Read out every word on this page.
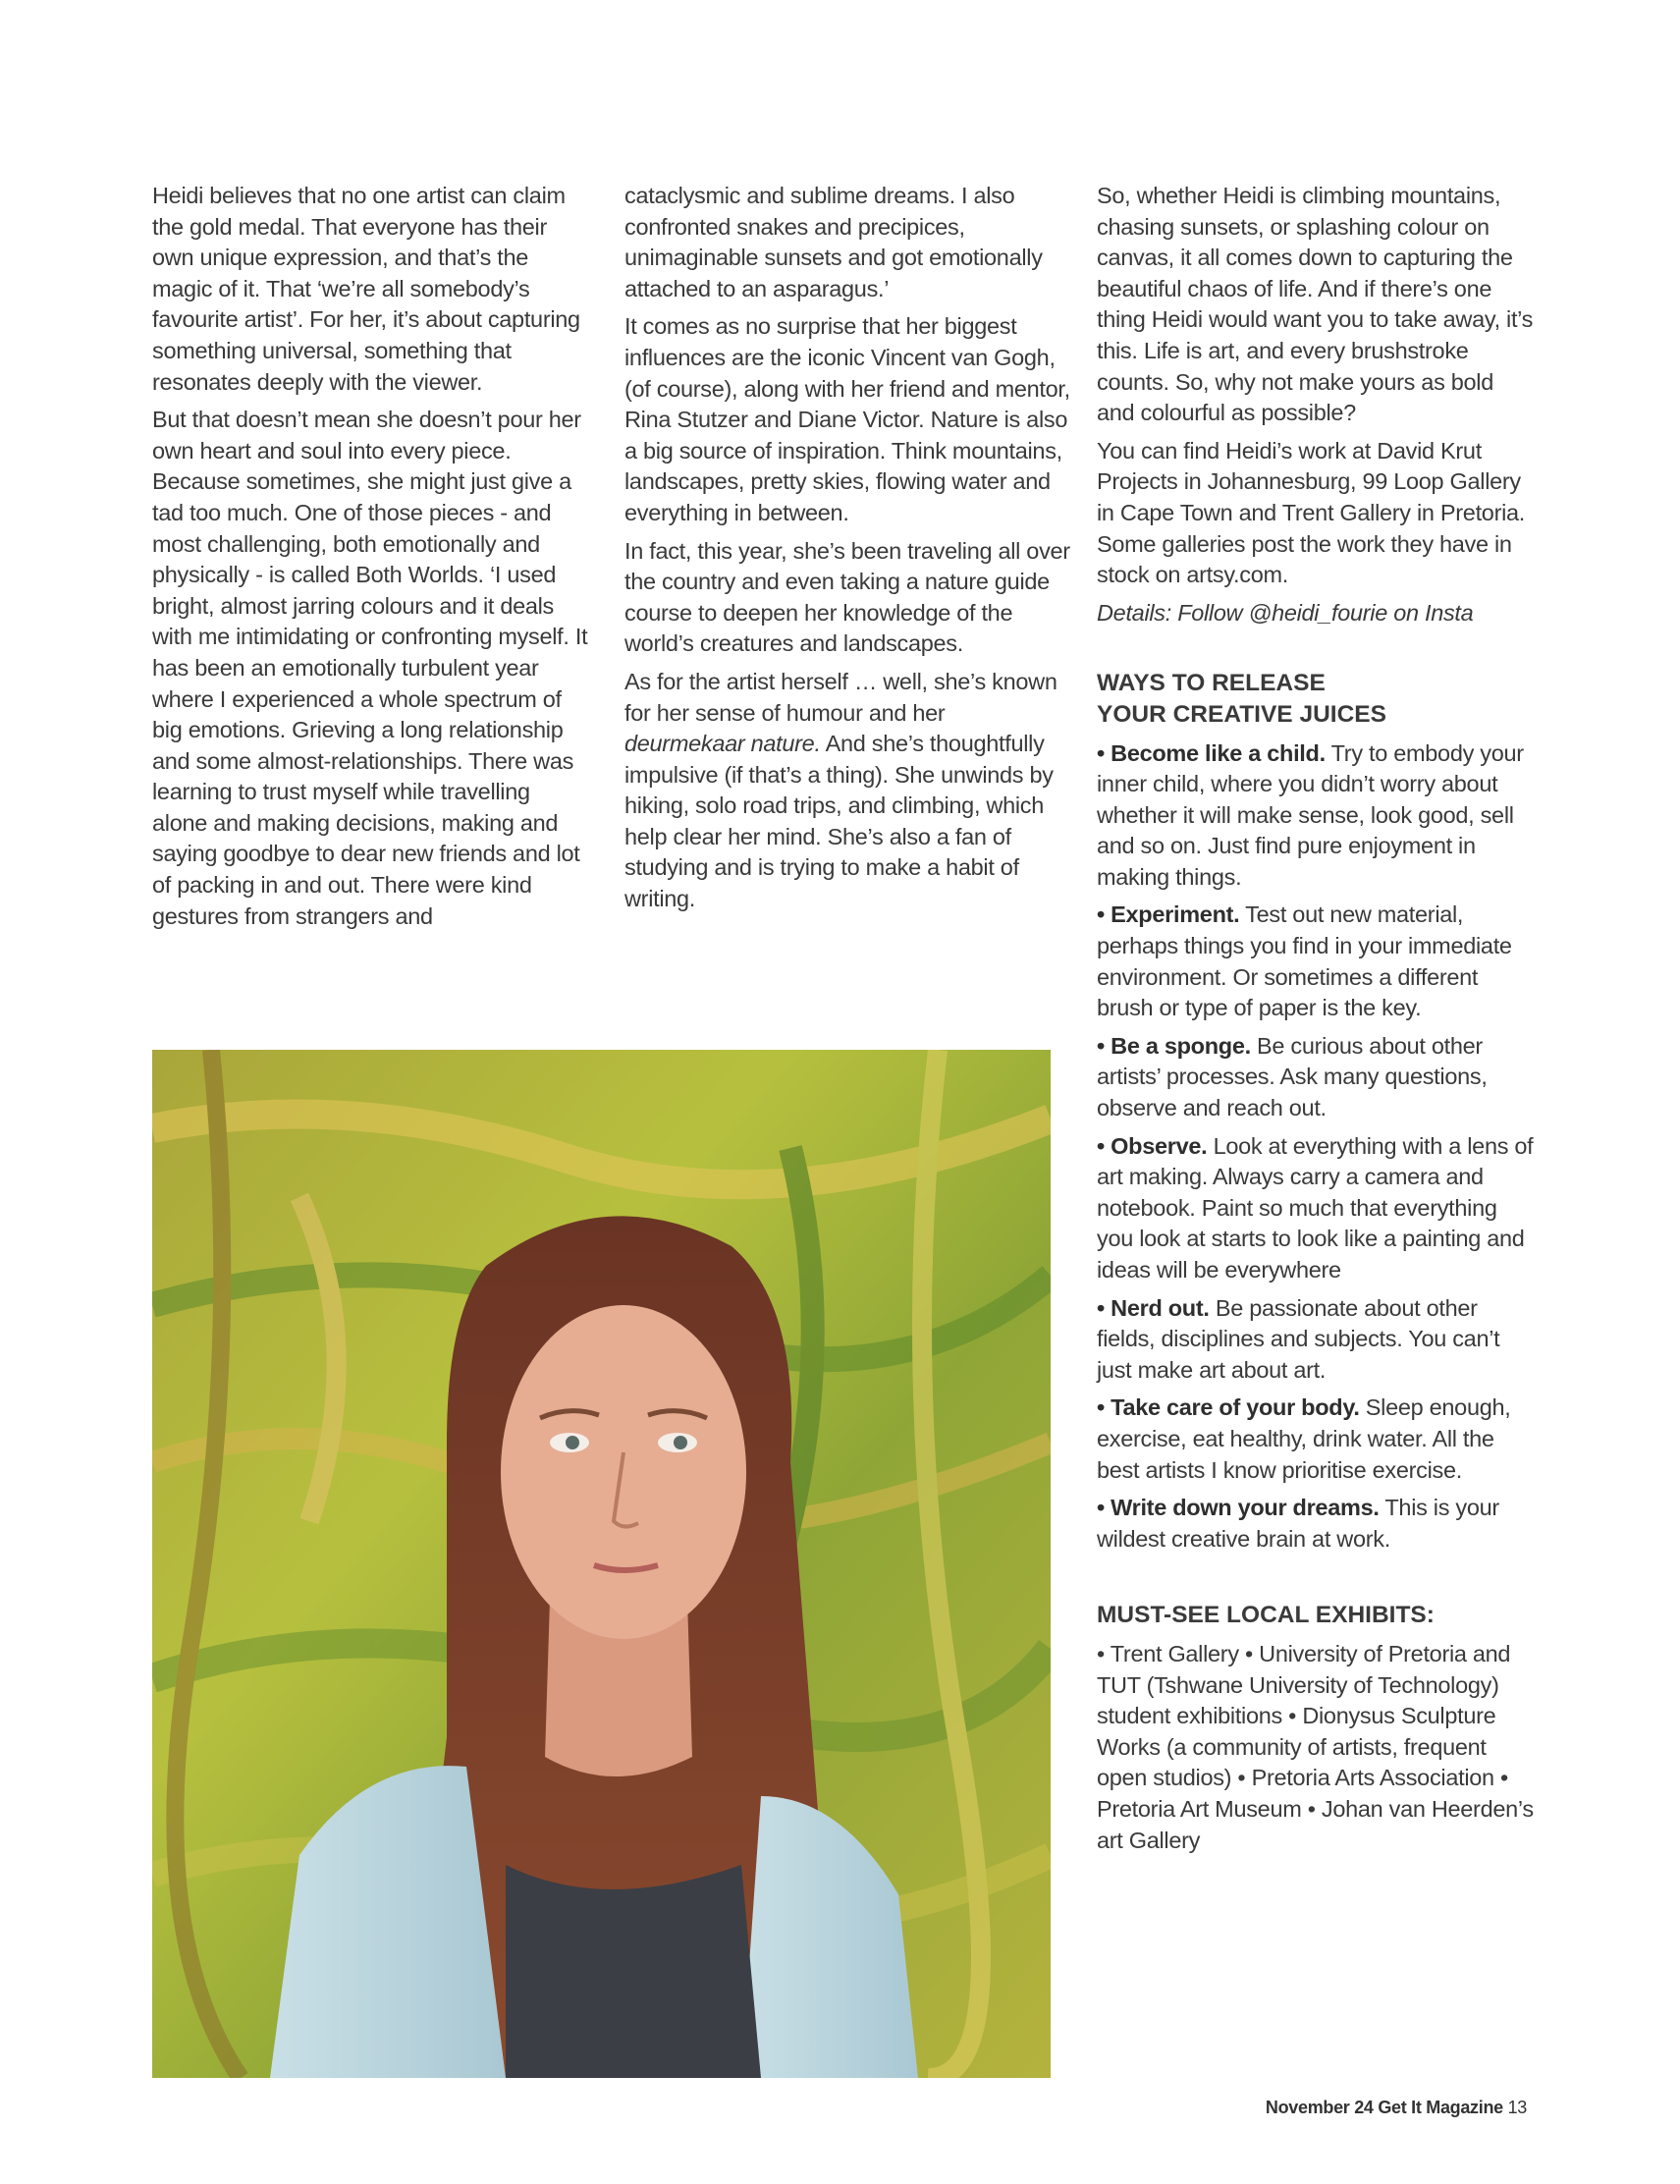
Heidi believes that no one artist can claim the gold medal. That everyone has their own unique expression, and that’s the magic of it. That ‘we’re all somebody’s favourite artist’. For her, it’s about capturing something universal, something that resonates deeply with the viewer.

But that doesn’t mean she doesn’t pour her own heart and soul into every piece. Because sometimes, she might just give a tad too much. One of those pieces - and most challenging, both emotionally and physically - is called Both Worlds. ‘I used bright, almost jarring colours and it deals with me intimidating or confronting myself. It has been an emotionally turbulent year where I experienced a whole spectrum of big emotions. Grieving a long relationship and some almost-relationships. There was learning to trust myself while travelling alone and making decisions, making and saying goodbye to dear new friends and lot of packing in and out. There were kind gestures from strangers and

cataclysmic and sublime dreams. I also confronted snakes and precipices, unimaginable sunsets and got emotionally attached to an asparagus.’

It comes as no surprise that her biggest influences are the iconic Vincent van Gogh, (of course), along with her friend and mentor, Rina Stutzer and Diane Victor. Nature is also a big source of inspiration. Think mountains, landscapes, pretty skies, flowing water and everything in between.

In fact, this year, she’s been traveling all over the country and even taking a nature guide course to deepen her knowledge of the world’s creatures and landscapes.

As for the artist herself … well, she’s known for her sense of humour and her deurmekaar nature. And she’s thoughtfully impulsive (if that’s a thing). She unwinds by hiking, solo road trips, and climbing, which help clear her mind. She’s also a fan of studying and is trying to make a habit of writing.

So, whether Heidi is climbing mountains, chasing sunsets, or splashing colour on canvas, it all comes down to capturing the beautiful chaos of life. And if there’s one thing Heidi would want you to take away, it’s this. Life is art, and every brushstroke counts. So, why not make yours as bold and colourful as possible?

You can find Heidi’s work at David Krut Projects in Johannesburg, 99 Loop Gallery in Cape Town and Trent Gallery in Pretoria. Some galleries post the work they have in stock on artsy.com.

Details: Follow @heidi_fourie on Insta

WAYS TO RELEASE
YOUR CREATIVE JUICES

• Become like a child. Try to embody your inner child, where you didn’t worry about whether it will make sense, look good, sell and so on. Just find pure enjoyment in making things.

• Experiment. Test out new material, perhaps things you find in your immediate environment. Or sometimes a different brush or type of paper is the key.

• Be a sponge. Be curious about other artists’ processes. Ask many questions, observe and reach out.

• Observe. Look at everything with a lens of art making. Always carry a camera and notebook. Paint so much that everything you look at starts to look like a painting and ideas will be everywhere

• Nerd out. Be passionate about other fields, disciplines and subjects. You can’t just make art about art.

• Take care of your body. Sleep enough, exercise, eat healthy, drink water. All the best artists I know prioritise exercise.

• Write down your dreams. This is your wildest creative brain at work.

MUST-SEE LOCAL EXHIBITS:

• Trent Gallery • University of Pretoria and TUT (Tshwane University of Technology) student exhibitions • Dionysus Sculpture Works (a community of artists, frequent open studios) • Pretoria Arts Association • Pretoria Art Museum • Johan van Heerden’s art Gallery

November 24 Get It Magazine 13
